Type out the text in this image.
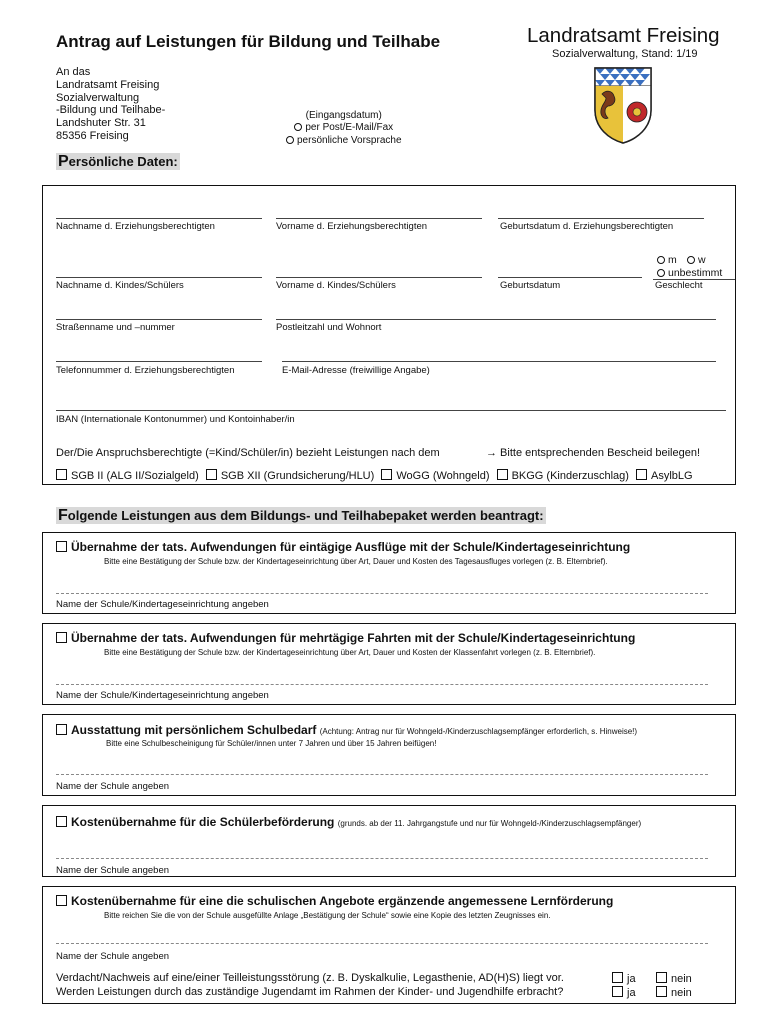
Antrag auf Leistungen für Bildung und Teilhabe	Landratsamt Freising
Sozialverwaltung, Stand: 1/19
An das
Landratsamt Freising
Sozialverwaltung
-Bildung und Teilhabe-
Landshuter Str. 31
85356 Freising
(Eingangsdatum)
per Post/E-Mail/Fax
persönliche Vorsprache
Persönliche Daten:
Nachname d. Erziehungsberechtigten	Vorname d. Erziehungsberechtigten	Geburtsdatum d. Erziehungsberechtigten
Nachname d. Kindes/Schülers	Vorname d. Kindes/Schülers	Geburtsdatum
m	w
unbestimmt
Geschlecht
Straßenname und –nummer	Postleitzahl und Wohnort
Telefonnummer d. Erziehungsberechtigten	E-Mail-Adresse (freiwillige Angabe)
IBAN (Internationale Kontonummer) und Kontoinhaber/in
Der/Die Anspruchsberechtigte (=Kind/Schüler/in) bezieht Leistungen nach dem	→ Bitte entsprechenden Bescheid beilegen!
SGB II (ALG II/Sozialgeld) SGB XII (Grundsicherung/HLU) WoGG (Wohngeld) BKGG (Kinderzuschlag) AsylbLG
Folgende Leistungen aus dem Bildungs- und Teilhabepaket werden beantragt:
Übernahme der tats. Aufwendungen für eintägige Ausflüge mit der Schule/Kindertageseinrichtung
Bitte eine Bestätigung der Schule bzw. der Kindertageseinrichtung über Art, Dauer und Kosten des Tagesausfluges vorlegen (z. B. Elternbrief).
Name der Schule/Kindertageseinrichtung angeben
Übernahme der tats. Aufwendungen für mehrtägige Fahrten mit der Schule/Kindertageseinrichtung
Bitte eine Bestätigung der Schule bzw. der Kindertageseinrichtung über Art, Dauer und Kosten der Klassenfahrt vorlegen (z. B. Elternbrief).
Name der Schule/Kindertageseinrichtung angeben
Ausstattung mit persönlichem Schulbedarf (Achtung: Antrag nur für Wohngeld-/Kinderzuschlagsempfänger erforderlich, s. Hinweise!)
Bitte eine Schulbescheinigung für Schüler/innen unter 7 Jahren und über 15 Jahren beifügen!
Name der Schule angeben
Kostenübernahme für die Schülerbeförderung (grunds. ab der 11. Jahrgangstufe und nur für Wohngeld-/Kinderzuschlagsempfänger)
Name der Schule angeben
Kostenübernahme für eine die schulischen Angebote ergänzende angemessene Lernförderung
Bitte reichen Sie die von der Schule ausgefüllte Anlage „Bestätigung der Schule“ sowie eine Kopie des letzten Zeugnisses ein.
Name der Schule angeben
Verdacht/Nachweis auf eine/einer Teilleistungsstörung (z. B. Dyskalkulie, Legasthenie, AD(H)S) liegt vor.
Werden Leistungen durch das zuständige Jugendamt im Rahmen der Kinder- und Jugendhilfe erbracht?
ja	nein
ja	nein
